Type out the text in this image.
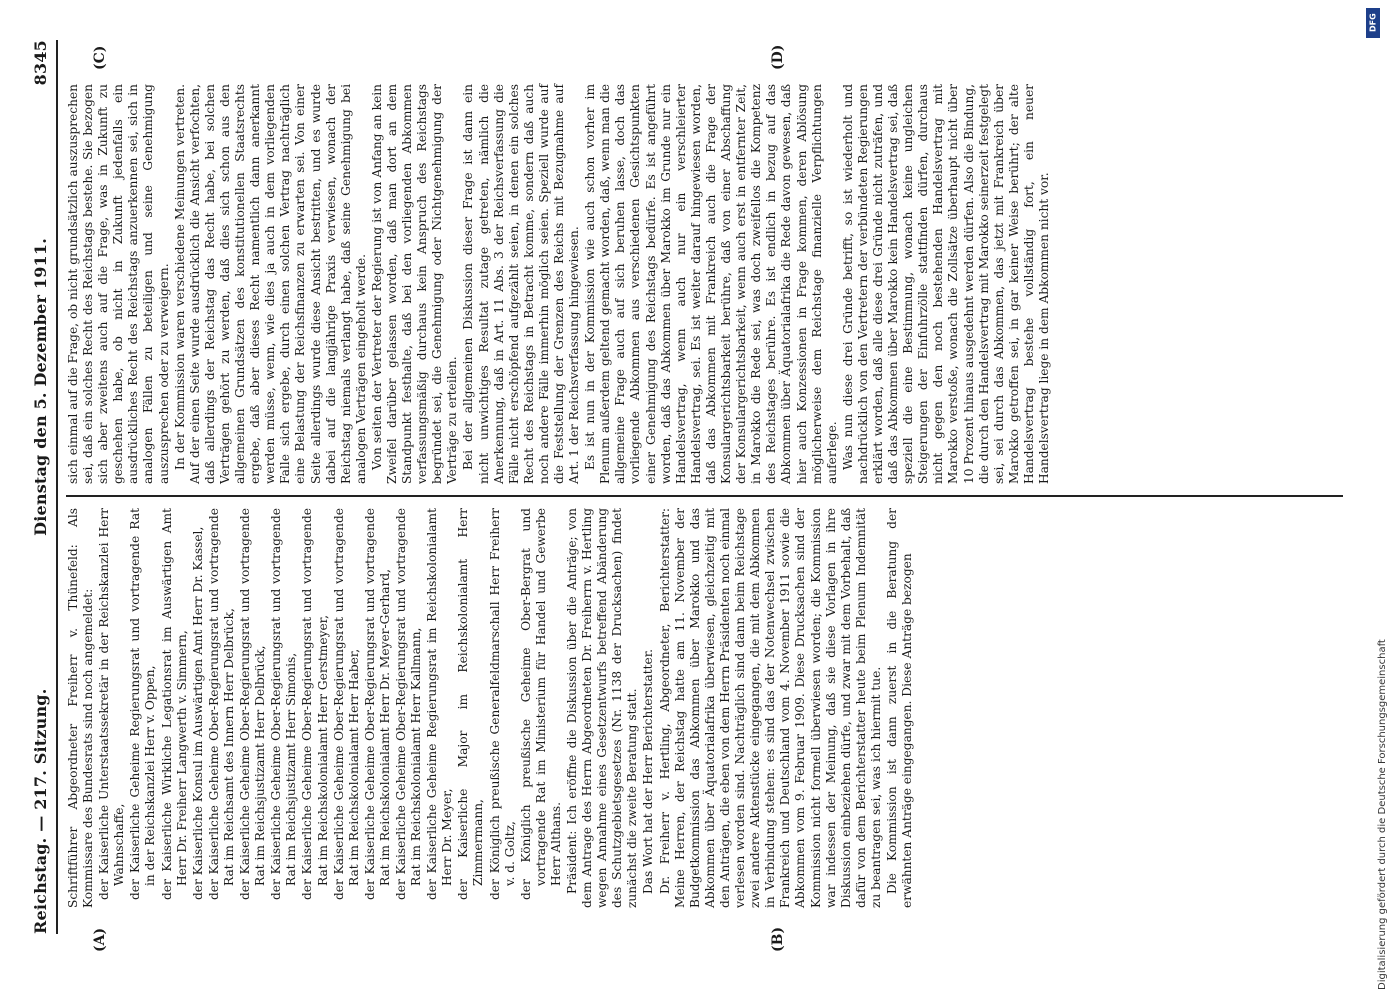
Reichstag. — 217. Sitzung.
Dienstag den 5. Dezember 1911.
8345
(A)	(B)
(C)	(D)

Schriftführer Abgeordneter Freiherr v. Thünefeld: Als Kommissare des Bundesrats sind noch angemeldet: der Kaiserliche Unterstaatssekretär in der Reichskanzlei Herr Wahnschaffe, der Kaiserliche Geheime Regierungsrat und vortragende Rat in der Reichskanzlei Herr v. Oppen, der Kaiserliche Wirkliche Legationsrat im Auswärtigen Amt Herr Dr. Freiherr Langwerth v. Simmern, der Kaiserliche Konsul im Auswärtigen Amt Herr Dr. Kassel, der Kaiserliche Geheime Ober-Regierungsrat und vortragende Rat im Reichsamt des Innern Herr Delbrück, der Kaiserliche Geheime Ober-Regierungsrat und vortragende Rat im Reichsjustizamt Herr Delbrück, der Kaiserliche Geheime Ober-Regierungsrat und vortragende Rat im Reichsjustizamt Herr Simonis, der Kaiserliche Geheime Ober-Regierungsrat und vortragende Rat im Reichskolonialamt Herr Gerstmeyer, der Kaiserliche Geheime Ober-Regierungsrat und vortragende Rat im Reichskolonialamt Herr Haber, der Kaiserliche Geheime Ober-Regierungsrat und vortragende Rat im Reichskolonialamt Herr Dr. Meyer-Gerhard, der Kaiserliche Geheime Ober-Regierungsrat und vortragende Rat im Reichskolonialamt Herr Kallmann, der Kaiserliche Geheime Regierungsrat im Reichskolonialamt Herr Dr. Meyer, der Kaiserliche Major im Reichskolonialamt Herr Zimmermann, der Königlich preußische Generalfeldmarschall Herr Freiherr v. d. Goltz, der Königlich preußische Geheime Ober-Bergrat und vortragende Rat im Ministerium für Handel und Gewerbe Herr Althans. Präsident: Ich eröffne die Diskussion über die Anträge; von dem Antrage des Herrn Abgeordneten Dr. Freiherrn v. Hertling wegen Annahme eines Gesetzentwurfs betreffend Abänderung des Schutzgebietsgesetzes (Nr. 1138 der Drucksachen) findet zunächst die zweite Beratung statt. Das Wort hat der Herr Berichterstatter. Dr. Freiherr v. Hertling, Abgeordneter, Berichterstatter: Meine Herren, der Reichstag hatte am 11. November der Budgetkommission das Abkommen über Marokko und das Abkommen über Äquatorialafrika überwiesen, gleichzeitig mit den Anträgen, die eben von dem Herrn Präsidenten noch einmal verlesen worden sind. Nachträglich sind dann beim Reichstage zwei andere Aktenstücke eingegangen, die mit dem Abkommen in Verbindung stehen: es sind das der Notenwechsel zwischen Frankreich und Deutschland vom 4. November 1911 sowie die Abkommen vom 9. Februar 1909. Diese Drucksachen sind der Kommission nicht formell überwiesen worden; die Kommission war indessen der Meinung, daß sie diese Vorlagen in ihre Diskussion einbeziehen dürfe, und zwar mit dem Vorbehalt, daß dafür von dem Berichterstatter heute beim Plenum Indemnität zu beantragen sei, was ich hiermit tue. Die Kommission ist dann zuerst in die Beratung der erwähnten Anträge eingegangen. Diese Anträge bezogen

sich einmal auf die Frage, ob nicht grundsätzlich auszusprechen sei, daß ein solches Recht des Reichstags bestehe. Sie bezogen sich aber zweitens auch auf die Frage, was in Zukunft zu geschehen habe, ob nicht in Zukunft jedenfalls ein ausdrückliches Recht des Reichstags anzuerkennen sei, sich in analogen Fällen zu beteiligen und seine Genehmigung auszusprechen oder zu verweigern. In der Kommission waren verschiedene Meinungen vertreten. Auf der einen Seite wurde ausdrücklich die Ansicht verfochten, daß allerdings der Reichstag das Recht habe, bei solchen Verträgen gehört zu werden, daß dies sich schon aus den allgemeinen Grundsätzen des konstitutionellen Staatsrechts ergebe, daß aber dieses Recht namentlich dann anerkannt werden müsse, wenn, wie dies ja auch in dem vorliegenden Falle sich ergebe, durch einen solchen Vertrag nachträglich eine Belastung der Reichsfinanzen zu erwarten sei. Von einer Seite allerdings wurde diese Ansicht bestritten, und es wurde dabei auf die langjährige Praxis verwiesen, wonach der Reichstag niemals verlangt habe, daß seine Genehmigung bei analogen Verträgen eingeholt werde. Von seiten der Vertreter der Regierung ist von Anfang an kein Zweifel darüber gelassen worden, daß man dort an dem Standpunkt festhalte, daß bei den vorliegenden Abkommen verfassungsmäßig durchaus kein Anspruch des Reichstags begründet sei, die Genehmigung oder Nichtgenehmigung der Verträge zu erteilen. Bei der allgemeinen Diskussion dieser Frage ist dann ein nicht unwichtiges Resultat zutage getreten, nämlich die Anerkennung, daß in Art. 11 Abs. 3 der Reichsverfassung die Fälle nicht erschöpfend aufgezählt seien, in denen ein solches Recht des Reichstags in Betracht komme, sondern daß auch noch andere Fälle immerhin möglich seien. Speziell wurde auf die Feststellung der Grenzen des Reichs mit Bezugnahme auf Art. 1 der Reichsverfassung hingewiesen. Es ist nun in der Kommission wie auch schon vorher im Plenum außerdem geltend gemacht worden, daß, wenn man die allgemeine Frage auch auf sich beruhen lasse, doch das vorliegende Abkommen aus verschiedenen Gesichtspunkten einer Genehmigung des Reichstags bedürfe. Es ist angeführt worden, daß das Abkommen über Marokko im Grunde nur ein Handelsvertrag, wenn auch nur ein verschleierter Handelsvertrag, sei. Es ist weiter darauf hingewiesen worden, daß das Abkommen mit Frankreich auch die Frage der Konsulargerichtsbarkeit berühre, daß von einer Abschaffung der Konsulargerichtsbarkeit, wenn auch erst in entfernter Zeit, in Marokko die Rede sei, was doch zweifellos die Kompetenz des Reichstages berühre. Es ist endlich in bezug auf das Abkommen über Äquatorialafrika die Rede davon gewesen, daß hier auch Konzessionen in Frage kommen, deren Ablösung möglicherweise dem Reichstage finanzielle Verpflichtungen auferlege. Was nun diese drei Gründe betrifft, so ist wiederholt und nachdrücklich von den Vertretern der verbündeten Regierungen erklärt worden, daß alle diese drei Gründe nicht zuträfen, und daß das Abkommen über Marokko kein Handelsvertrag sei, daß speziell die eine Bestimmung, wonach keine ungleichen Steigerungen der Einfuhrzölle stattfinden dürfen, durchaus nicht gegen den noch bestehenden Handelsvertrag mit Marokko verstoße, wonach die Zollsätze überhaupt nicht über 10 Prozent hinaus ausgedehnt werden dürfen. Also die Bindung, die durch den Handelsvertrag mit Marokko seinerzeit festgelegt sei, sei durch das Abkommen, das jetzt mit Frankreich über Marokko getroffen sei, in gar keiner Weise berührt; der alte Handelsvertrag bestehe vollständig fort, ein neuer Handelsvertrag liege in dem Abkommen nicht vor.

DFG
Digitalisierung gefördert durch die Deutsche Forschungsgemeinschaft
